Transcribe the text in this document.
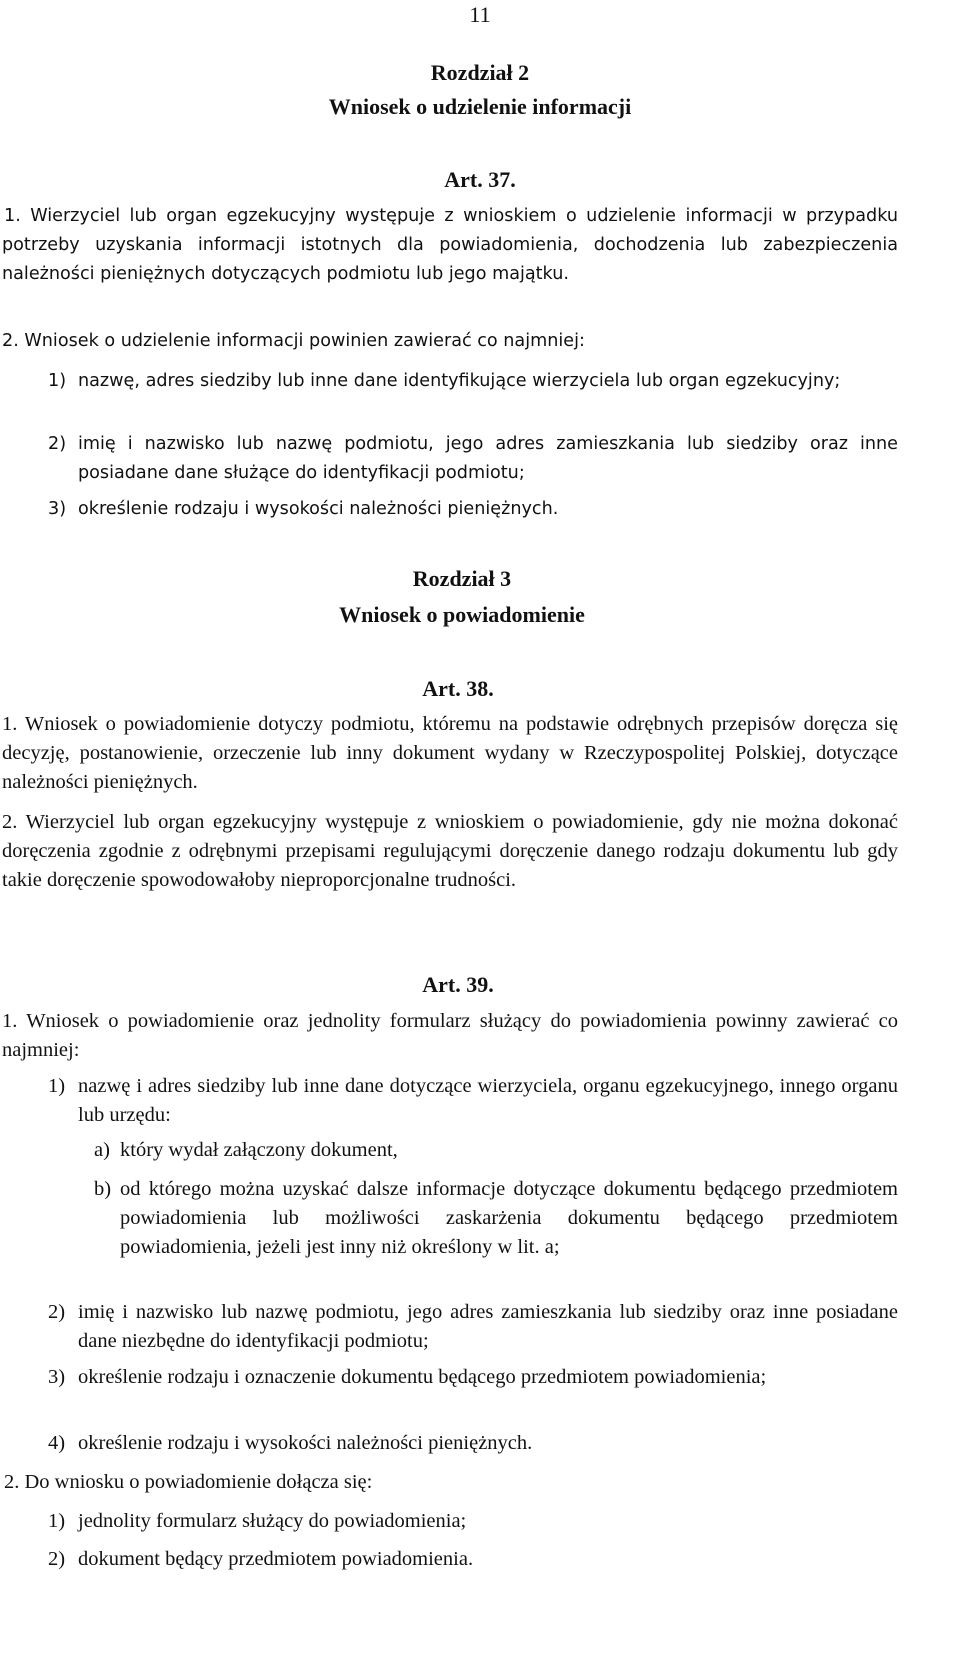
11
Rozdział 2
Wniosek o udzielenie informacji
Art. 37.
1. Wierzyciel lub organ egzekucyjny występuje z wnioskiem o udzielenie informacji w przypadku potrzeby uzyskania informacji istotnych dla powiadomienia, dochodzenia lub zabezpieczenia należności pieniężnych dotyczących podmiotu lub jego majątku.
2. Wniosek o udzielenie informacji powinien zawierać co najmniej:
1) nazwę, adres siedziby lub inne dane identyfikujące wierzyciela lub organ egzekucyjny;
2) imię i nazwisko lub nazwę podmiotu, jego adres zamieszkania lub siedziby oraz inne posiadane dane służące do identyfikacji podmiotu;
3) określenie rodzaju i wysokości należności pieniężnych.
Rozdział 3
Wniosek o powiadomienie
Art. 38.
1. Wniosek o powiadomienie dotyczy podmiotu, któremu na podstawie odrębnych przepisów doręcza się decyzję, postanowienie, orzeczenie lub inny dokument wydany w Rzeczypospolitej Polskiej, dotyczące należności pieniężnych.
2. Wierzyciel lub organ egzekucyjny występuje z wnioskiem o powiadomienie, gdy nie można dokonać doręczenia zgodnie z odrębnymi przepisami regulującymi doręczenie danego rodzaju dokumentu lub gdy takie doręczenie spowodowałoby nieproporcjonalne trudności.
Art. 39.
1. Wniosek o powiadomienie oraz jednolity formularz służący do powiadomienia powinny zawierać co najmniej:
1) nazwę i adres siedziby lub inne dane dotyczące wierzyciela, organu egzekucyjnego, innego organu lub urzędu:
a) który wydał załączony dokument,
b) od którego można uzyskać dalsze informacje dotyczące dokumentu będącego przedmiotem powiadomienia lub możliwości zaskarżenia dokumentu będącego przedmiotem powiadomienia, jeżeli jest inny niż określony w lit. a;
2) imię i nazwisko lub nazwę podmiotu, jego adres zamieszkania lub siedziby oraz inne posiadane dane niezbędne do identyfikacji podmiotu;
3) określenie rodzaju i oznaczenie dokumentu będącego przedmiotem powiadomienia;
4) określenie rodzaju i wysokości należności pieniężnych.
2. Do wniosku o powiadomienie dołącza się:
1) jednolity formularz służący do powiadomienia;
2) dokument będący przedmiotem powiadomienia.
